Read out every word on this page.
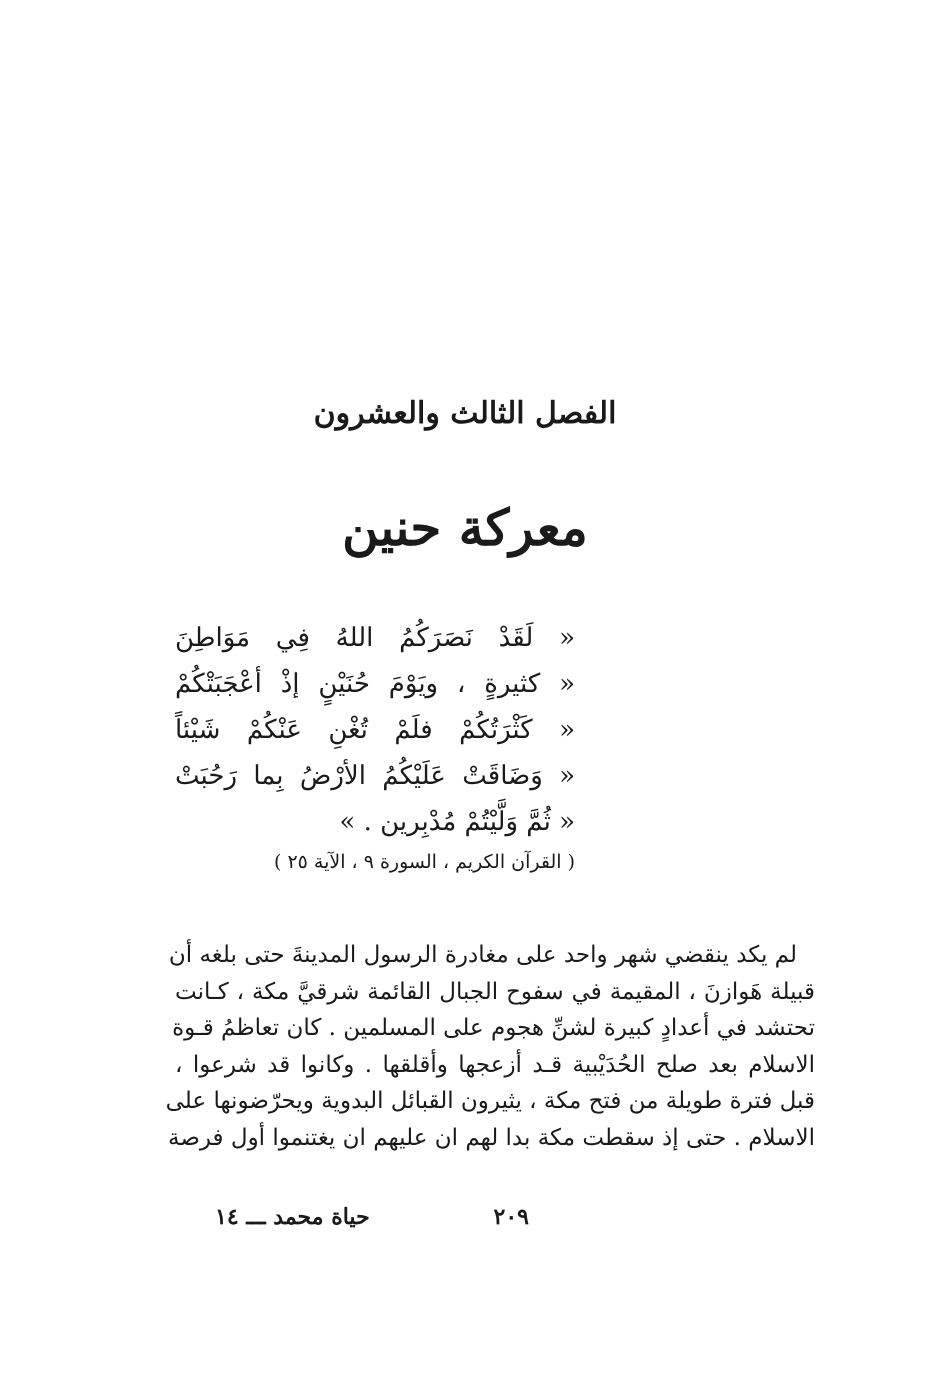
الفصل الثالث والعشرون
معركة حنين
« لَقَدْ نَصَرَكُمُ اللهُ فِي مَوَاطِنَ
« كثيرةٍ ، ويَوْمَ حُنَيْنٍ إذْ أعْجَبَتْكُمْ
« كَثْرَتُكُمْ فلَمْ تُغْنِ عَنْكُمْ شَيْئاً
« وَضَاقَتْ عَلَيْكُمُ الأرْضُ بِما رَحُبَتْ
« ثُمَّ وَلَّيْتُمْ مُدْبِرين . »
( القرآن الكريم ، السورة ٩ ، الآية ٢٥ )
لم يكد ينقضي شهر واحد على مغادرة الرسول المدينةَ حتى بلغه أن
قبيلة هَوازنَ ، المقيمة في سفوح الجبال القائمة شرقيَّ مكة ، كـانت
تحتشد في أعدادٍ كبيرة لشنِّ هجوم على المسلمين . كان تعاظمُ قـوة
الاسلام بعد صلح الحُدَيْبية قـد أزعجها وأقلقها . وكانوا قد شرعوا ،
قبل فترة طويلة من فتح مكة ، يثيرون القبائل البدوية ويحرّضونها على
الاسلام . حتى إذ سقطت مكة بدا لهم ان عليهم ان يغتنموا أول فرصة
٢٠٩
حياة محمد ـــ ١٤
